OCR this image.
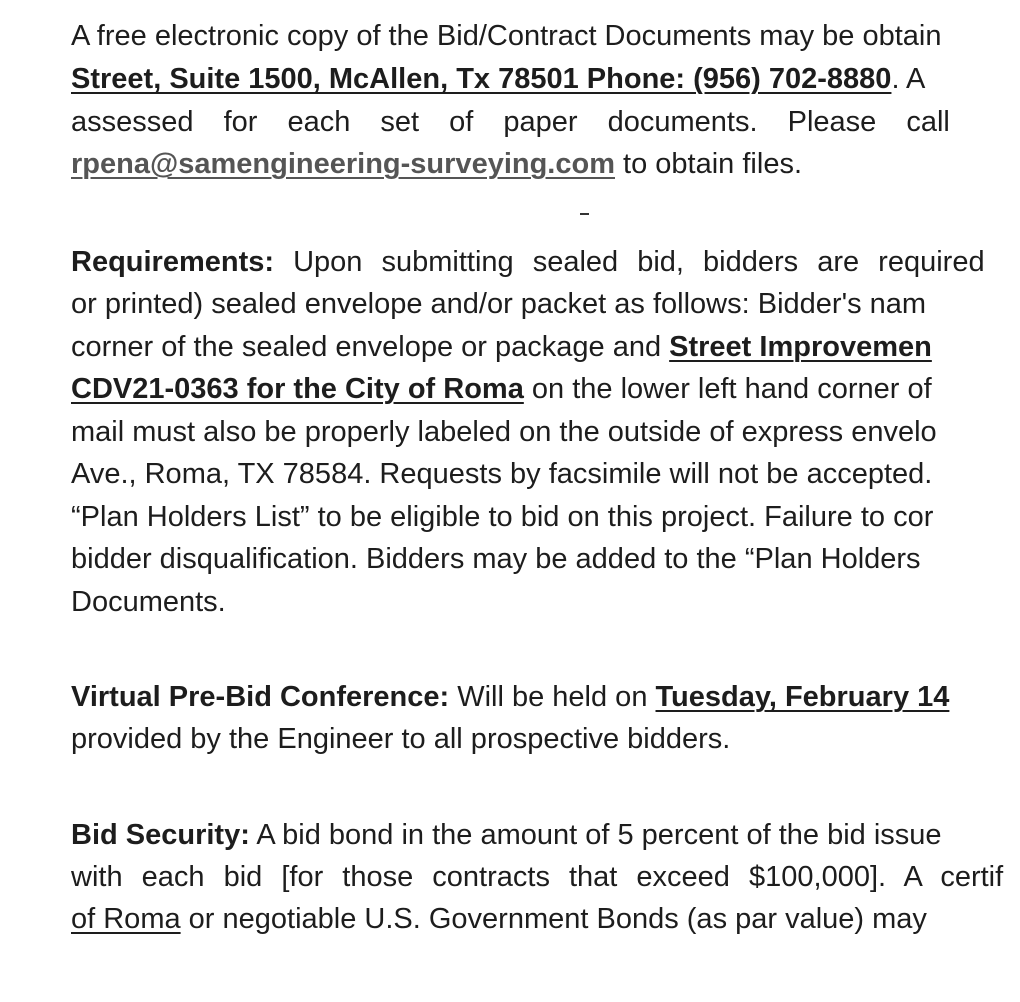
A free electronic copy of the Bid/Contract Documents may be obtain
Street, Suite 1500, McAllen, Tx 78501 Phone: (956) 702-8880. A
assessed for each set of paper documents. Please call
rpena@samengineering-surveying.com to obtain files.
Requirements: Upon submitting sealed bid, bidders are required
or printed) sealed envelope and/or packet as follows: Bidder's nam
corner of the sealed envelope or package and Street Improvemen
CDV21-0363 for the City of Roma on the lower left hand corner of
mail must also be properly labeled on the outside of express envelo
Ave., Roma, TX 78584. Requests by facsimile will not be accepted.
“Plan Holders List” to be eligible to bid on this project. Failure to cor
bidder disqualification. Bidders may be added to the “Plan Holders
Documents.
Virtual Pre-Bid Conference: Will be held on Tuesday, February 14
provided by the Engineer to all prospective bidders.
Bid Security: A bid bond in the amount of 5 percent of the bid issue
with each bid [for those contracts that exceed $100,000]. A certif
of Roma or negotiable U.S. Government Bonds (as par value) may
